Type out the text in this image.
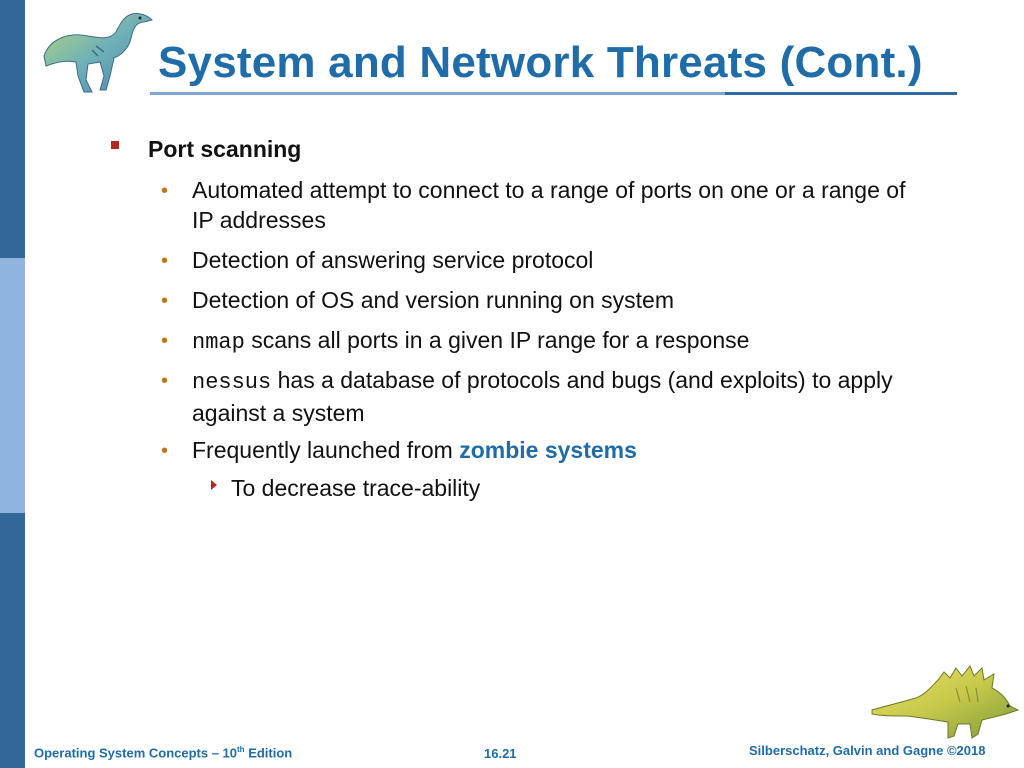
System and Network Threats (Cont.)
Port scanning
• Automated attempt to connect to a range of ports on one or a range of IP addresses
• Detection of answering service protocol
• Detection of OS and version running on system
• nmap scans all ports in a given IP range for a response
• nessus has a database of protocols and bugs (and exploits) to apply against a system
• Frequently launched from zombie systems
To decrease trace-ability
Operating System Concepts – 10th Edition	16.21	Silberschatz, Galvin and Gagne ©2018
